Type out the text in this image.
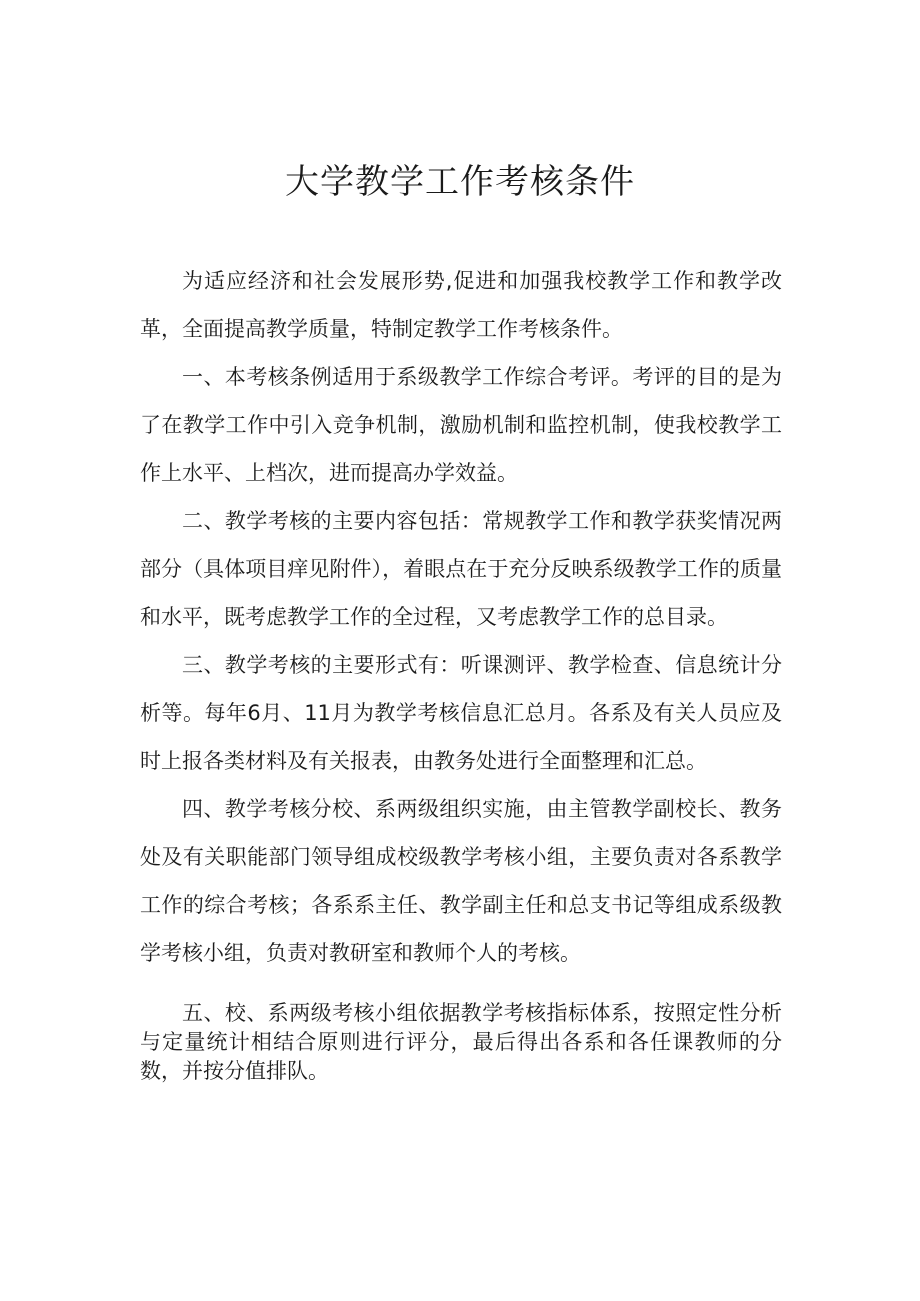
大学教学工作考核条件

为适应经济和社会发展形势,促进和加强我校教学工作和教学改革，全面提高教学质量，特制定教学工作考核条件。

一、本考核条例适用于系级教学工作综合考评。考评的目的是为了在教学工作中引入竞争机制，激励机制和监控机制，使我校教学工作上水平、上档次，进而提高办学效益。

二、教学考核的主要内容包括：常规教学工作和教学获奖情况两部分（具体项目痒见附件），着眼点在于充分反映系级教学工作的质量和水平，既考虑教学工作的全过程，又考虑教学工作的总目录。

三、教学考核的主要形式有：听课测评、教学检查、信息统计分析等。每年6月、11月为教学考核信息汇总月。各系及有关人员应及时上报各类材料及有关报表，由教务处进行全面整理和汇总。

四、教学考核分校、系两级组织实施，由主管教学副校长、教务处及有关职能部门领导组成校级教学考核小组，主要负责对各系教学工作的综合考核；各系系主任、教学副主任和总支书记等组成系级教学考核小组，负责对教研室和教师个人的考核。

五、校、系两级考核小组依据教学考核指标体系，按照定性分析与定量统计相结合原则进行评分，最后得出各系和各任课教师的分数，并按分值排队。
